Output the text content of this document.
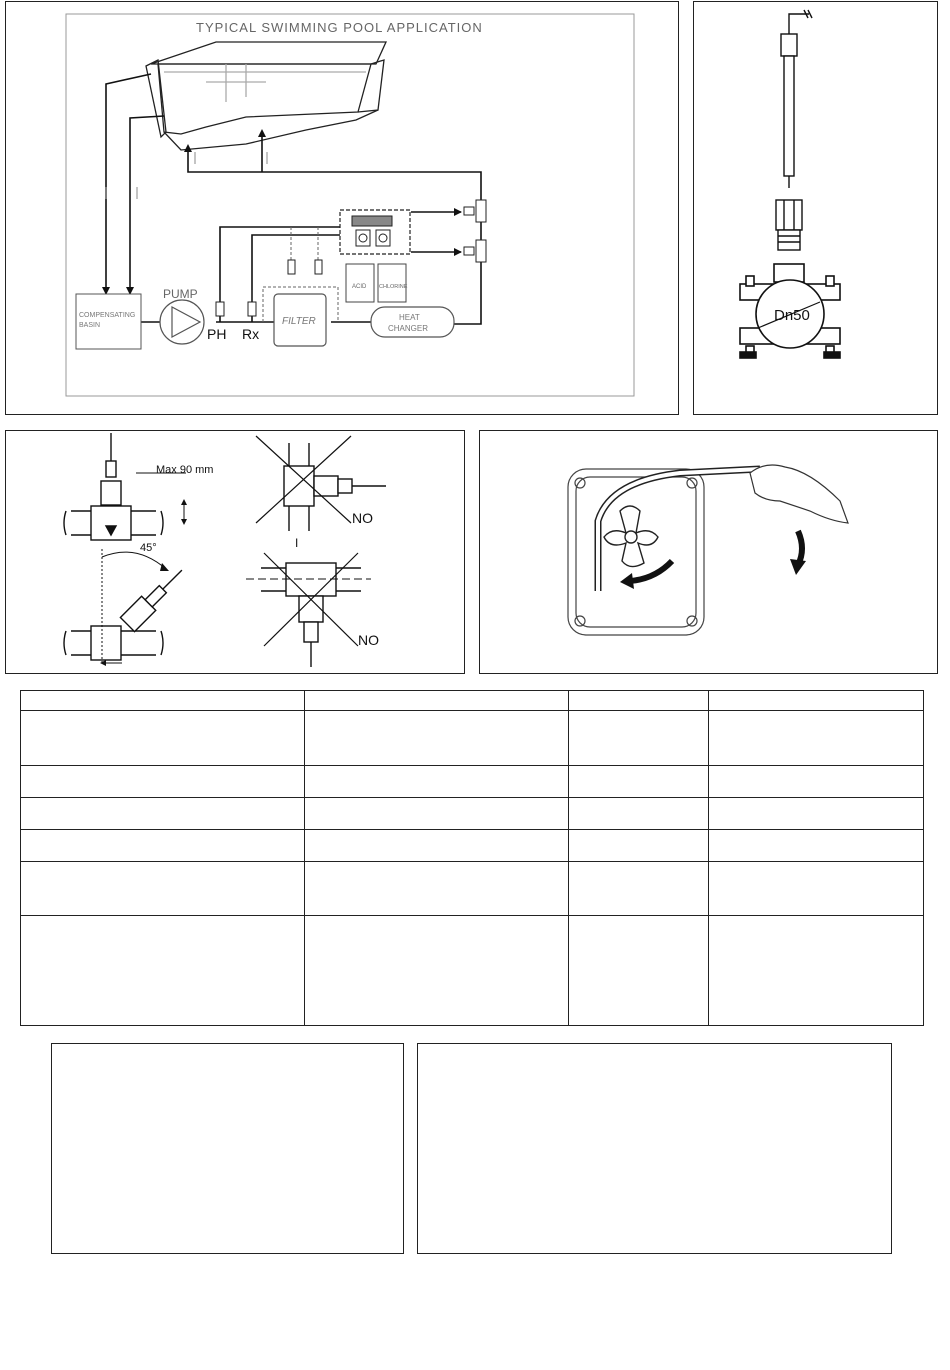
TYPICAL SWIMMING POOL APPLICATION
COMPENSATING
BASIN
PUMP
PH Rx
FILTER	HEAT
CHANGER
ACID CHLORINE
Dn50
Max 90 mm
45°
NO
I
NO
